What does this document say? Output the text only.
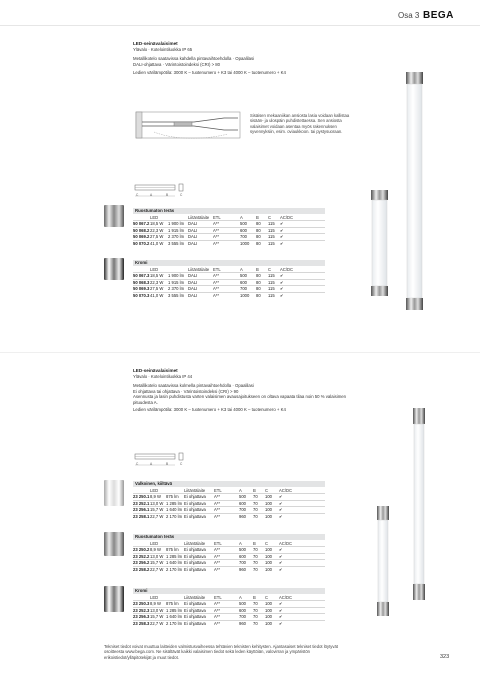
Osa 3 BEGA
LED-seinävalaisimet
Ylävalo · Kotelointiluokka IP 65
Metallikotelo saatavissa kahdella pintavaihtoehdolla · Opaalilasi
DALI-ohjattava · Värintoistoindeksi (CRI) > 80
Ledien värilämpötila: 3000 K – tuotenumero + K3 tai 4000 K – tuotenumero + K4
Sisäisen mekaaniikan ansiosta lasia voidaan kallistaa sisään- ja ulospäin puhdistettaessa. Sen ansiosta valaisimet voidaan asentaa myös rakennuksen syvennyksiin, esim. oviaukkoon. tai pystysuoraan.
C	A	B	C
Ruostumaton teräs
	LED		Liitäntälaite	ETL	A	B	C	AC/DC
50 067.2	18,5 W	1 900 lm	DALI	A**	500	80	115	✔
50 068.2	22,3 W	1 915 lm	DALI	A**	600	80	115	✔
50 069.2	27,5 W	2 370 lm	DALI	A**	700	80	115	✔
50 070.2	41,0 W	3 555 lm	DALI	A**	1000	80	115	✔
Kromi
	LED		Liitäntälaite	ETL	A	B	C	AC/DC
50 067.3	18,5 W	1 900 lm	DALI	A**	500	80	115	✔
50 068.3	22,3 W	1 915 lm	DALI	A**	600	80	115	✔
50 069.3	27,5 W	2 370 lm	DALI	A**	700	80	115	✔
50 070.3	41,0 W	3 555 lm	DALI	A**	1000	80	115	✔
LED-seinävalaisimet
Ylävalo · Kotelointiluokka IP 44
Metallikotelo saatavissa kolmella pintavaihtoehdolla · Opaalilasi
Ei ohjattava tai ohjattava · Värintoistoindeksi (CRI) > 90
Asennusta ja lasin puhdistusta varten valaisimen avausajoitukseen on oltava vapaata tilaa noin 50 % valaisimen pituudesta A.
Ledien värilämpötila: 3000 K – tuotenumero + K3 tai 4000 K – tuotenumero + K4
C	A	B	C
Valkoinen, kiiltävä
	LED		Liitäntälaite	ETL	A	B	C	AC/DC
23 250.1	8,9 W	875 lm	Ei ohjattava	A**	500	70	100	✔
23 252.1	13,0 W	1 285 lm	Ei ohjattava	A**	600	70	100	✔
23 256.1	15,7 W	1 640 lm	Ei ohjattava	A**	700	70	100	✔
23 258.1	22,7 W	2 170 lm	Ei ohjattava	A**	960	70	100	✔
Ruostumaton teräs
	LED		Liitäntälaite	ETL	A	B	C	AC/DC
23 250.2	8,9 W	875 lm	Ei ohjattava	A**	500	70	100	✔
23 252.2	13,0 W	1 285 lm	Ei ohjattava	A**	600	70	100	✔
23 256.2	15,7 W	1 640 lm	Ei ohjattava	A**	700	70	100	✔
23 258.2	22,7 W	2 170 lm	Ei ohjattava	A**	960	70	100	✔
Kromi
	LED		Liitäntälaite	ETL	A	B	C	AC/DC
23 250.3	8,9 W	875 lm	Ei ohjattava	A**	500	70	100	✔
23 252.3	13,0 W	1 285 lm	Ei ohjattava	A**	600	70	100	✔
23 256.3	15,7 W	1 640 lm	Ei ohjattava	A**	700	70	100	✔
23 258.3	22,7 W	2 170 lm	Ei ohjattava	A**	960	70	100	✔
Tekniset tiedot voivat muuttua laitteiden valmistusvaiheessa tehtävien teknisten kehitysten. Ajantasaiset tekniset tiedot löytyvät
osoitteesta www.bega.com. Ne sisältävät kaikki valaisimen tiedot sekä leden käyttöiän, valovirran ja ympäristön
erikoistiedot/ylläpitotekijät ja muut tiedot.	323
